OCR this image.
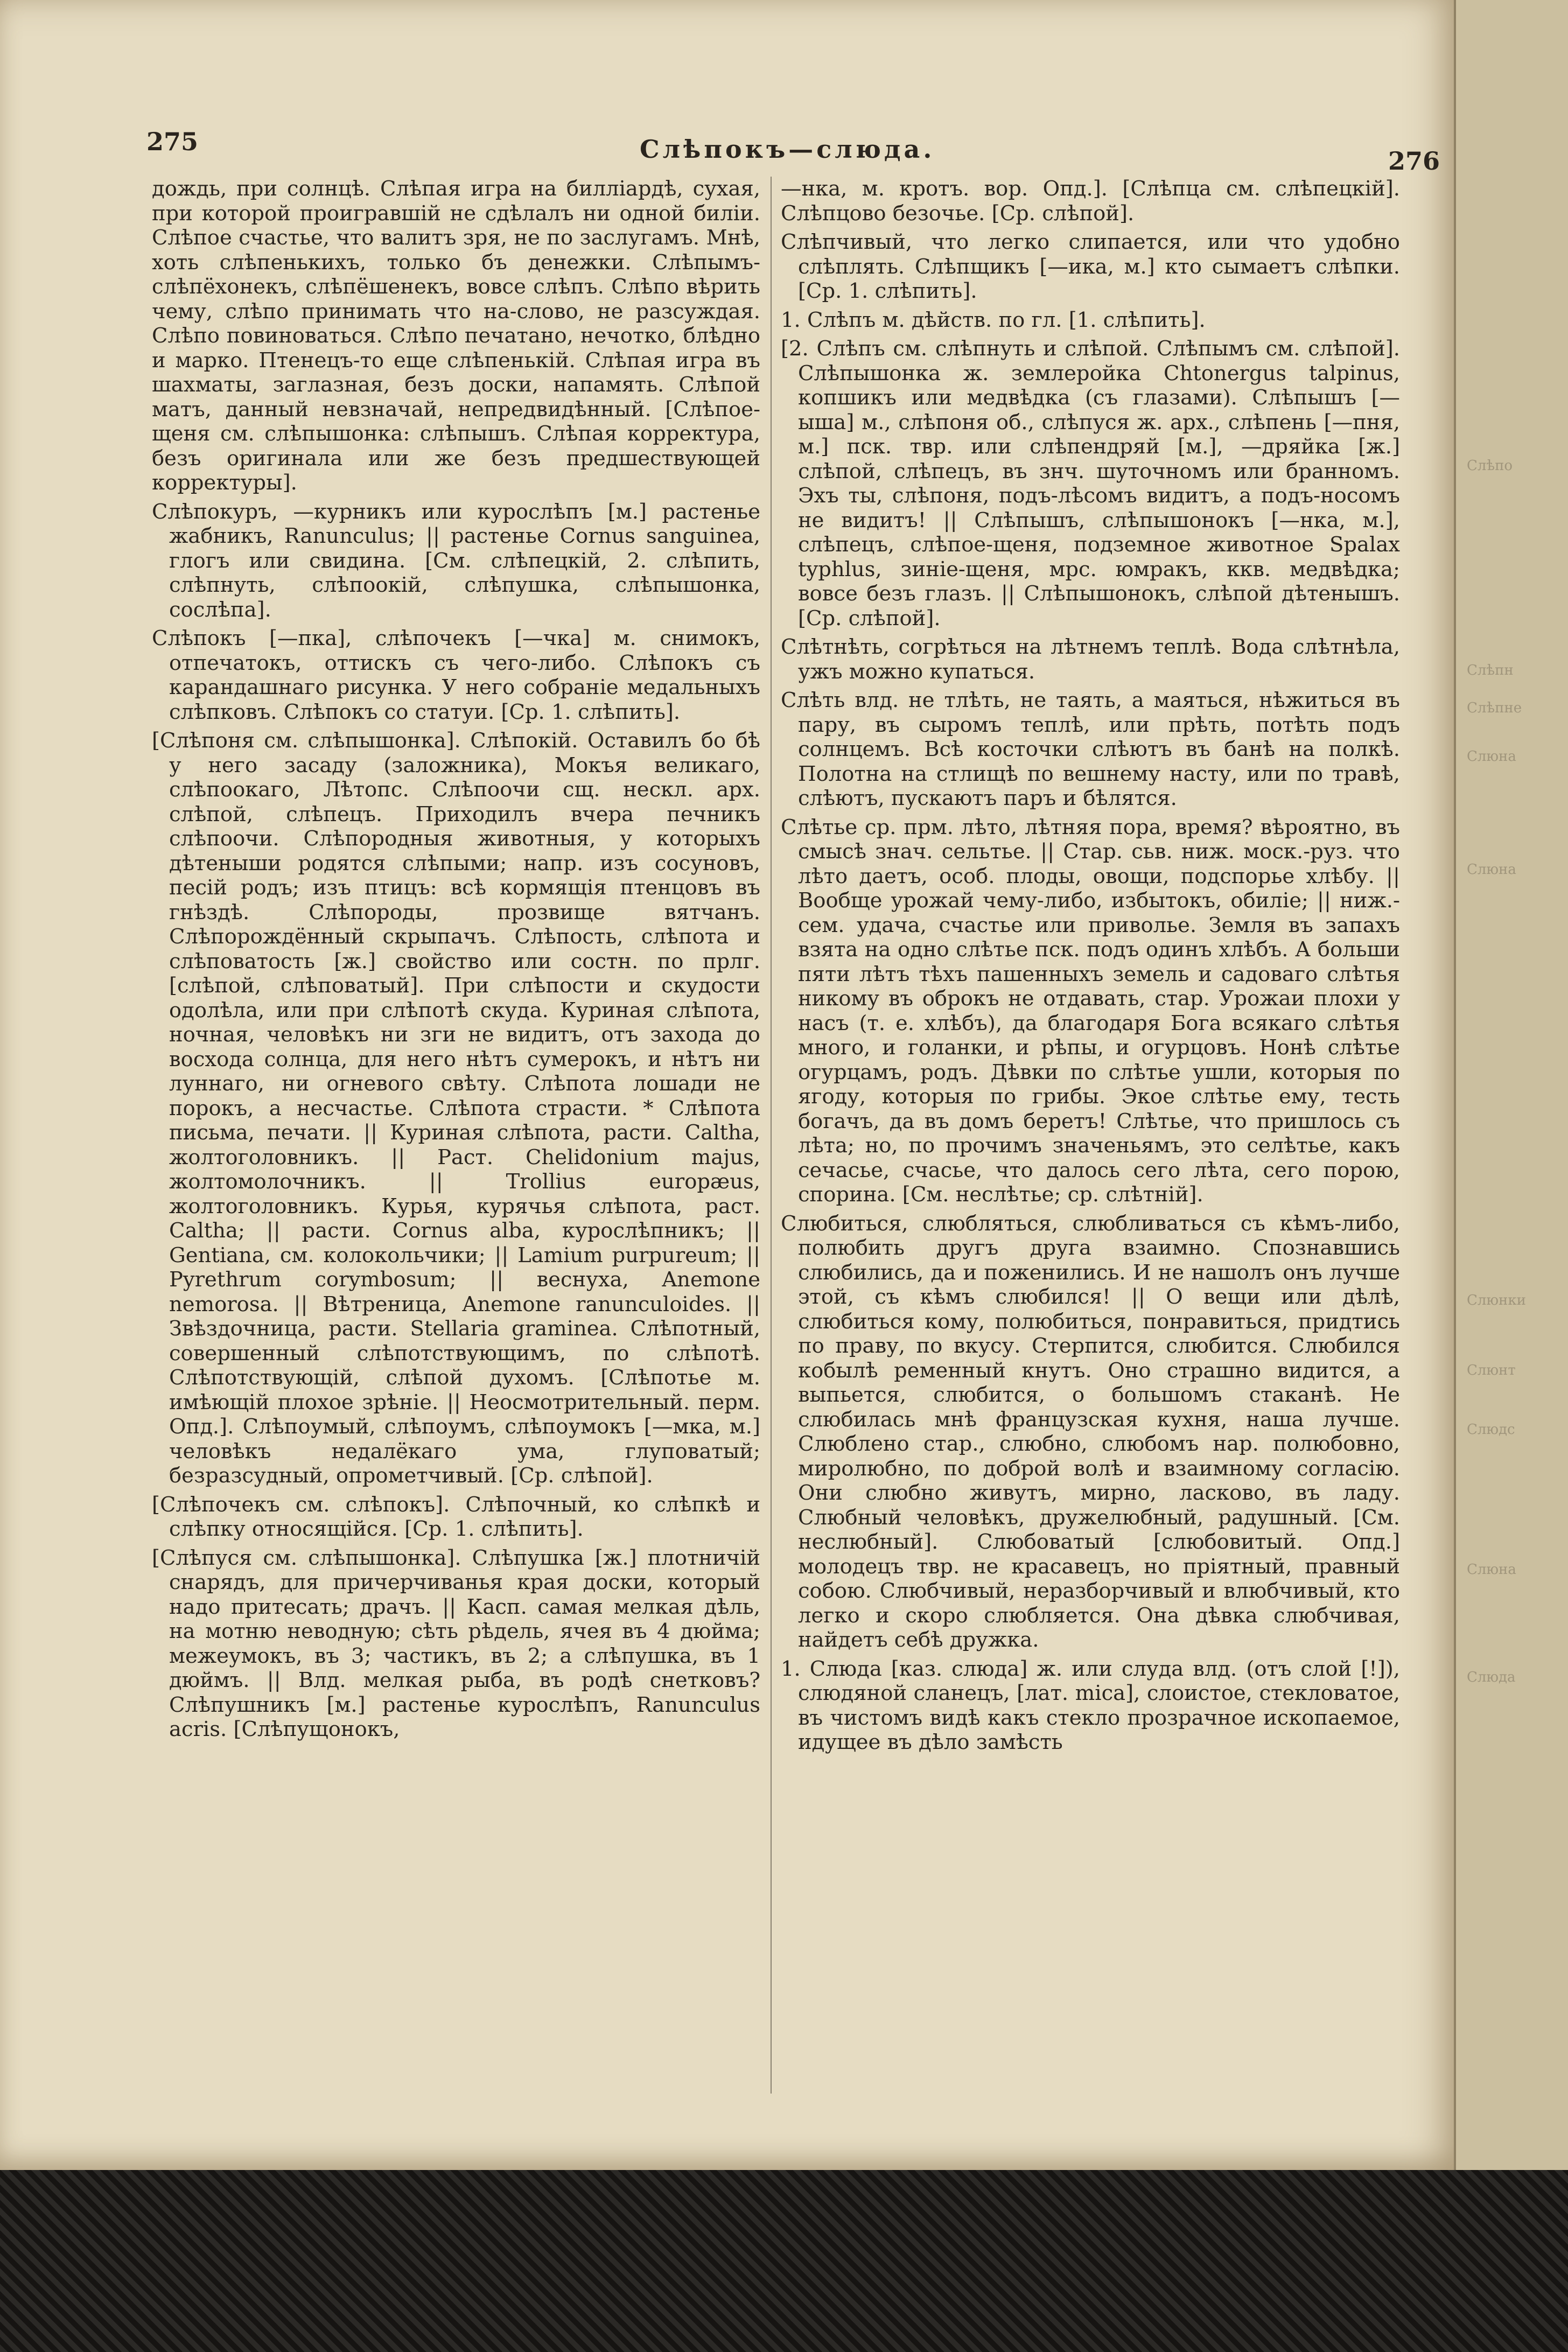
275	Слѣпокъ—слюда.	276

дождь, при солнцѣ. Слѣпая игра на билліардѣ, сухая, при которой проигравшій не сдѣлалъ ни одной биліи. Слѣпое счастье, что валитъ зря, не по заслугамъ. Мнѣ, хоть слѣпенькихъ, только бъ денежки. Слѣпымъ-слѣпёхонекъ, слѣпёшенекъ, вовсе слѣпъ. Слѣпо вѣрить чему, слѣпо принимать что на-слово, не разсуждая. Слѣпо повиноваться. Слѣпо печатано, нечотко, блѣдно и марко. Птенецъ-то еще слѣпенькій. Слѣпая игра въ шахматы, заглазная, безъ доски, напамять. Слѣпой матъ, данный невзначай, непредвидѣнный. [Слѣпое-щеня см. слѣпышонка: слѣпышъ. Слѣпая корректура, безъ оригинала или же безъ предшествующей корректуры].

Слѣпокуръ, —курникъ или курослѣпъ [м.] растенье жабникъ, Ranunculus; || растенье Cornus sanguinea, глогъ или свидина. [См. слѣпецкій, 2. слѣпить, слѣпнуть, слѣпоокій, слѣпушка, слѣпышонка, сослѣпа].

Слѣпокъ [—пка], слѣпочекъ [—чка] м. снимокъ, отпечатокъ, оттискъ съ чего-либо. Слѣпокъ съ карандашнаго рисунка. У него собраніе медальныхъ слѣпковъ. Слѣпокъ со статуи. [Ср. 1. слѣпить].

[Слѣпоня см. слѣпышонка]. Слѣпокій. Оставилъ бо бѣ у него засаду (заложника), Мокъя великаго, слѣпоокаго, Лѣтопс. Слѣпоочи сщ. нескл. арх. слѣпой, слѣпецъ. Приходилъ вчера печникъ слѣпоочи. Слѣпородныя животныя, у которыхъ дѣтеныши родятся слѣпыми; напр. изъ сосуновъ, песій родъ; изъ птицъ: всѣ кормящія птенцовъ въ гнѣздѣ. Слѣпороды, прозвище вятчанъ. Слѣпорождённый скрыпачъ. Слѣпость, слѣпота и слѣповатость [ж.] свойство или состн. по прлг. [слѣпой, слѣповатый]. При слѣпости и скудости одолѣла, или при слѣпотѣ скуда. Куриная слѣпота, ночная, человѣкъ ни зги не видитъ, отъ захода до восхода солнца, для него нѣтъ сумерокъ, и нѣтъ ни луннаго, ни огневого свѣту. Слѣпота лошади не порокъ, а несчастье. Слѣпота страсти. * Слѣпота письма, печати. || Куриная слѣпота, расти. Caltha, жолтоголовникъ. || Раст. Chelidonium majus, жолтомолочникъ. || Trollius europæus, жолтоголовникъ. Курья, курячья слѣпота, раст. Caltha; || расти. Cornus alba, курослѣпникъ; || Gentiana, см. колокольчики; || Lamium purpureum; || Pyrethrum corymbosum; || веснуха, Anemone nemorosa. || Вѣтреница, Anemone ranunculoides. || Звѣздочница, расти. Stellaria graminea. Слѣпотный, совершенный слѣпотствующимъ, по слѣпотѣ. Слѣпотствующій, слѣпой духомъ. [Слѣпотье м. имѣющій плохое зрѣніе. || Неосмотрительный. перм. Опд.]. Слѣпоумый, слѣпоумъ, слѣпоумокъ [—мка, м.] человѣкъ недалёкаго ума, глуповатый; безразсудный, опрометчивый. [Ср. слѣпой].

[Слѣпочекъ см. слѣпокъ]. Слѣпочный, ко слѣпкѣ и слѣпку относящійся. [Ср. 1. слѣпить].

[Слѣпуся см. слѣпышонка]. Слѣпушка [ж.] плотничій снарядъ, для причерчиванья края доски, который надо притесать; драчъ. || Касп. самая мелкая дѣль, на мотню неводную; сѣть рѣдель, ячея въ 4 дюйма; межеумокъ, въ 3; частикъ, въ 2; а слѣпушка, въ 1 дюймъ. || Влд. мелкая рыба, въ родѣ снетковъ? Слѣпушникъ [м.] растенье курослѣпъ, Ranunculus acris. [Слѣпущонокъ,

—нка, м. кротъ. вор. Опд.]. [Слѣпца см. слѣпецкій]. Слѣпцово безочье. [Ср. слѣпой].

Слѣпчивый, что легко слипается, или что удобно слѣплять. Слѣпщикъ [—ика, м.] кто сымаетъ слѣпки. [Ср. 1. слѣпить].

1. Слѣпъ м. дѣйств. по гл. [1. слѣпить].

[2. Слѣпъ см. слѣпнуть и слѣпой. Слѣпымъ см. слѣпой]. Слѣпышонка ж. землеройка Chtonergus talpinus, копшикъ или медвѣдка (съ глазами). Слѣпышъ [—ыша] м., слѣпоня об., слѣпуся ж. арх., слѣпень [—пня, м.] пск. твр. или слѣпендряй [м.], —дряйка [ж.] слѣпой, слѣпецъ, въ знч. шуточномъ или бранномъ. Эхъ ты, слѣпоня, подъ-лѣсомъ видитъ, а подъ-носомъ не видитъ! || Слѣпышъ, слѣпышонокъ [—нка, м.], слѣпецъ, слѣпое-щеня, подземное животное Spalax typhlus, зиніе-щеня, мрс. юмракъ, ккв. медвѣдка; вовсе безъ глазъ. || Слѣпышонокъ, слѣпой дѣтенышъ. [Ср. слѣпой].

Слѣтнѣть, согрѣться на лѣтнемъ теплѣ. Вода слѣтнѣла, ужъ можно купаться.

Слѣть влд. не тлѣть, не таять, а маяться, нѣжиться въ пару, въ сыромъ теплѣ, или прѣть, потѣть подъ солнцемъ. Всѣ косточки слѣютъ въ банѣ на полкѣ. Полотна на стлищѣ по вешнему насту, или по травѣ, слѣютъ, пускаютъ паръ и бѣлятся.

Слѣтье ср. прм. лѣто, лѣтняя пора, время? вѣроятно, въ смысѣ знач. сельтье. || Стар. сьв. ниж. моск.-руз. что лѣто даетъ, особ. плоды, овощи, подспорье хлѣбу. || Вообще урожай чему-либо, избытокъ, обиліе; || ниж.-сем. удача, счастье или приволье. Земля въ запахъ взята на одно слѣтье пск. подъ одинъ хлѣбъ. А больши пяти лѣтъ тѣхъ пашенныхъ земель и садоваго слѣтья никому въ оброкъ не отдавать, стар. Урожаи плохи у насъ (т. е. хлѣбъ), да благодаря Бога всякаго слѣтья много, и голанки, и рѣпы, и огурцовъ. Нонѣ слѣтье огурцамъ, родъ. Дѣвки по слѣтье ушли, которыя по ягоду, которыя по грибы. Экое слѣтье ему, тесть богачъ, да въ домъ беретъ! Слѣтье, что пришлось съ лѣта; но, по прочимъ значеньямъ, это селѣтье, какъ сечасье, счасье, что далось сего лѣта, сего порою, спорина. [См. неслѣтье; ср. слѣтній].

Слюбиться, слюбляться, слюбливаться съ кѣмъ-либо, полюбить другъ друга взаимно. Спознавшись слюбились, да и поженились. И не нашолъ онъ лучше этой, съ кѣмъ слюбился! || О вещи или дѣлѣ, слюбиться кому, полюбиться, понравиться, придтись по праву, по вкусу. Стерпится, слюбится. Слюбился кобылѣ ременный кнутъ. Оно страшно видится, а выпьется, слюбится, о большомъ стаканѣ. Не слюбилась мнѣ французская кухня, наша лучше. Слюблено стар., слюбно, слюбомъ нар. полюбовно, миролюбно, по доброй волѣ и взаимному согласію. Они слюбно живутъ, мирно, ласково, въ ладу. Слюбный человѣкъ, дружелюбный, радушный. [См. неслюбный]. Слюбоватый [слюбовитый. Опд.] молодецъ твр. не красавецъ, но пріятный, правный собою. Слюбчивый, неразборчивый и влюбчивый, кто легко и скоро слюбляется. Она дѣвка слюбчивая, найдетъ себѣ дружка.

1. Слюда [каз. слюда] ж. или слуда влд. (отъ слой [!]), слюдяной сланецъ, [лат. mica], слоистое, стекловатое, въ чистомъ видѣ какъ стекло прозрачное ископаемое, идущее въ дѣло замѣсть

Слѣпо
Слѣпн
Слѣпне
Слюна
Слюна
Слюнки
Слюнт
Слюдс
Слюна
Слюда
